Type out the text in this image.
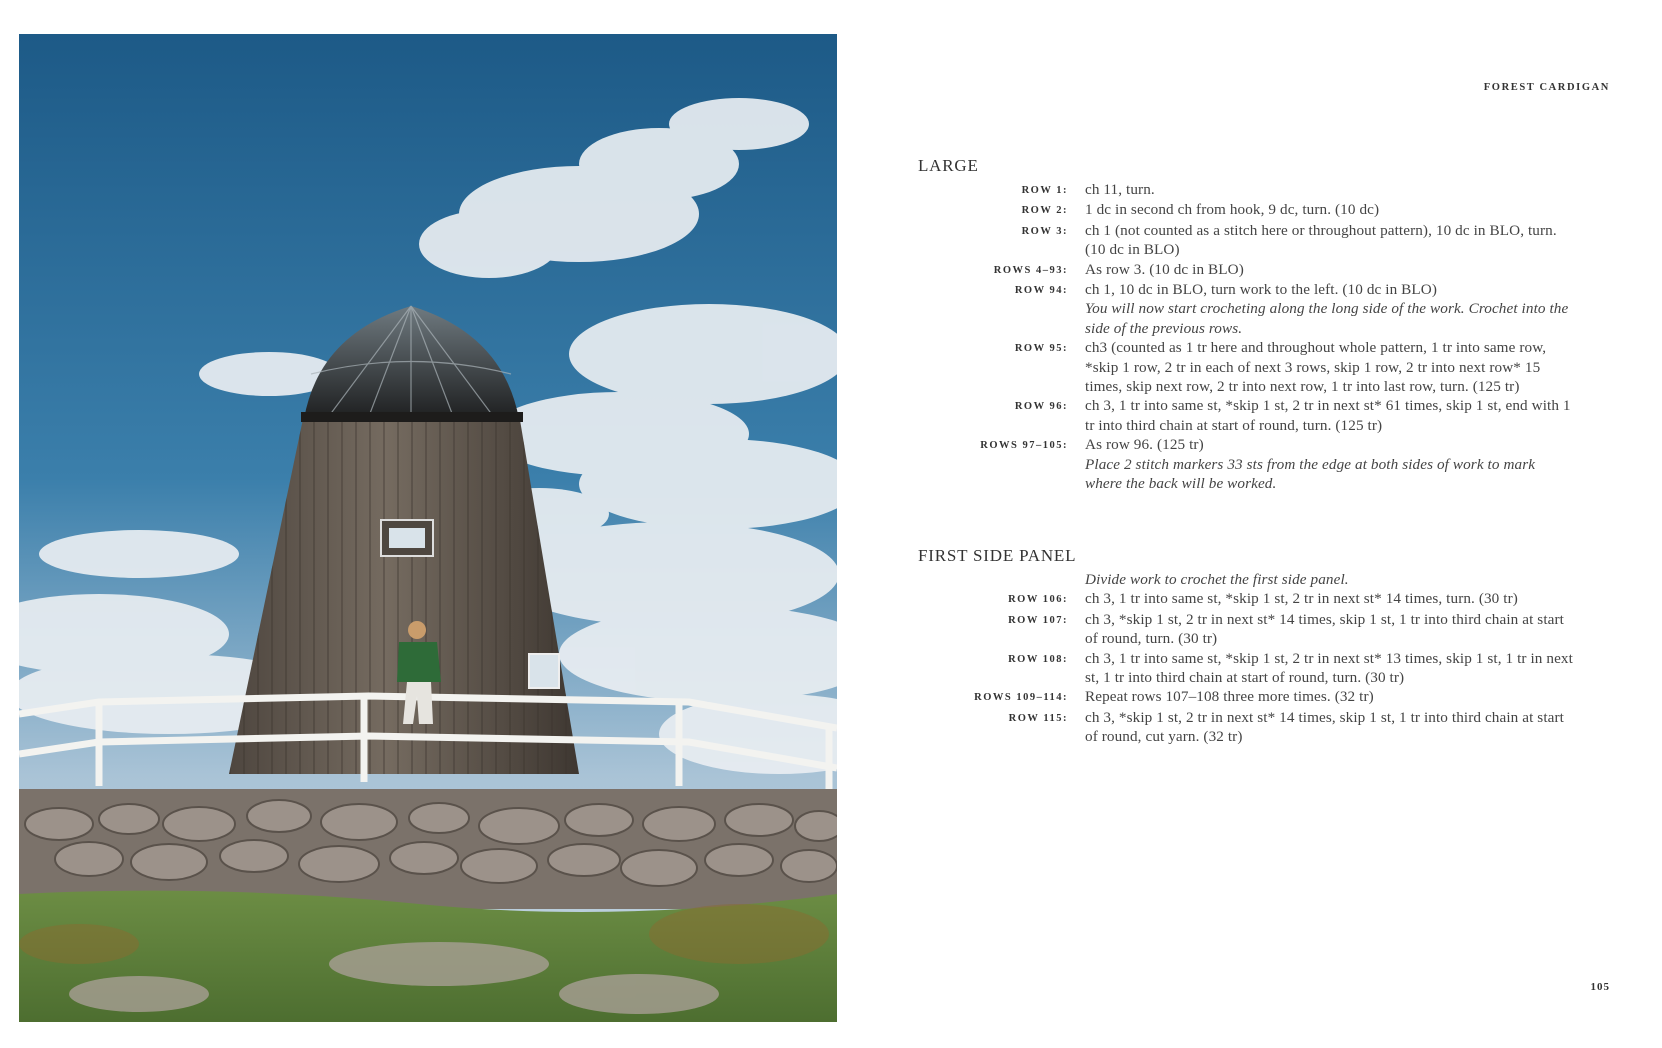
FOREST CARDIGAN
LARGE
ROW 1:	ch 11, turn.
ROW 2:	1 dc in second ch from hook, 9 dc, turn. (10 dc)
ROW 3:	ch 1 (not counted as a stitch here or throughout pattern), 10 dc in BLO, turn. (10 dc in BLO)
ROWS 4–93:	As row 3. (10 dc in BLO)
ROW 94:	ch 1, 10 dc in BLO, turn work to the left. (10 dc in BLO)
You will now start crocheting along the long side of the work. Crochet into the side of the previous rows.
ROW 95:	ch3 (counted as 1 tr here and throughout whole pattern, 1 tr into same row, *skip 1 row, 2 tr in each of next 3 rows, skip 1 row, 2 tr into next row* 15 times, skip next row, 2 tr into next row, 1 tr into last row, turn. (125 tr)
ROW 96:	ch 3, 1 tr into same st, *skip 1 st, 2 tr in next st* 61 times, skip 1 st, end with 1 tr into third chain at start of round, turn. (125 tr)
ROWS 97–105:	As row 96. (125 tr)
Place 2 stitch markers 33 sts from the edge at both sides of work to mark where the back will be worked.
FIRST SIDE PANEL
Divide work to crochet the first side panel.
ROW 106:	ch 3, 1 tr into same st, *skip 1 st, 2 tr in next st* 14 times, turn. (30 tr)
ROW 107:	ch 3, *skip 1 st, 2 tr in next st* 14 times, skip 1 st, 1 tr into third chain at start of round, turn. (30 tr)
ROW 108:	ch 3, 1 tr into same st, *skip 1 st, 2 tr in next st* 13 times, skip 1 st, 1 tr in next st, 1 tr into third chain at start of round, turn. (30 tr)
ROWS 109–114:	Repeat rows 107–108 three more times. (32 tr)
ROW 115:	ch 3, *skip 1 st, 2 tr in next st* 14 times, skip 1 st, 1 tr into third chain at start of round, cut yarn. (32 tr)
105
